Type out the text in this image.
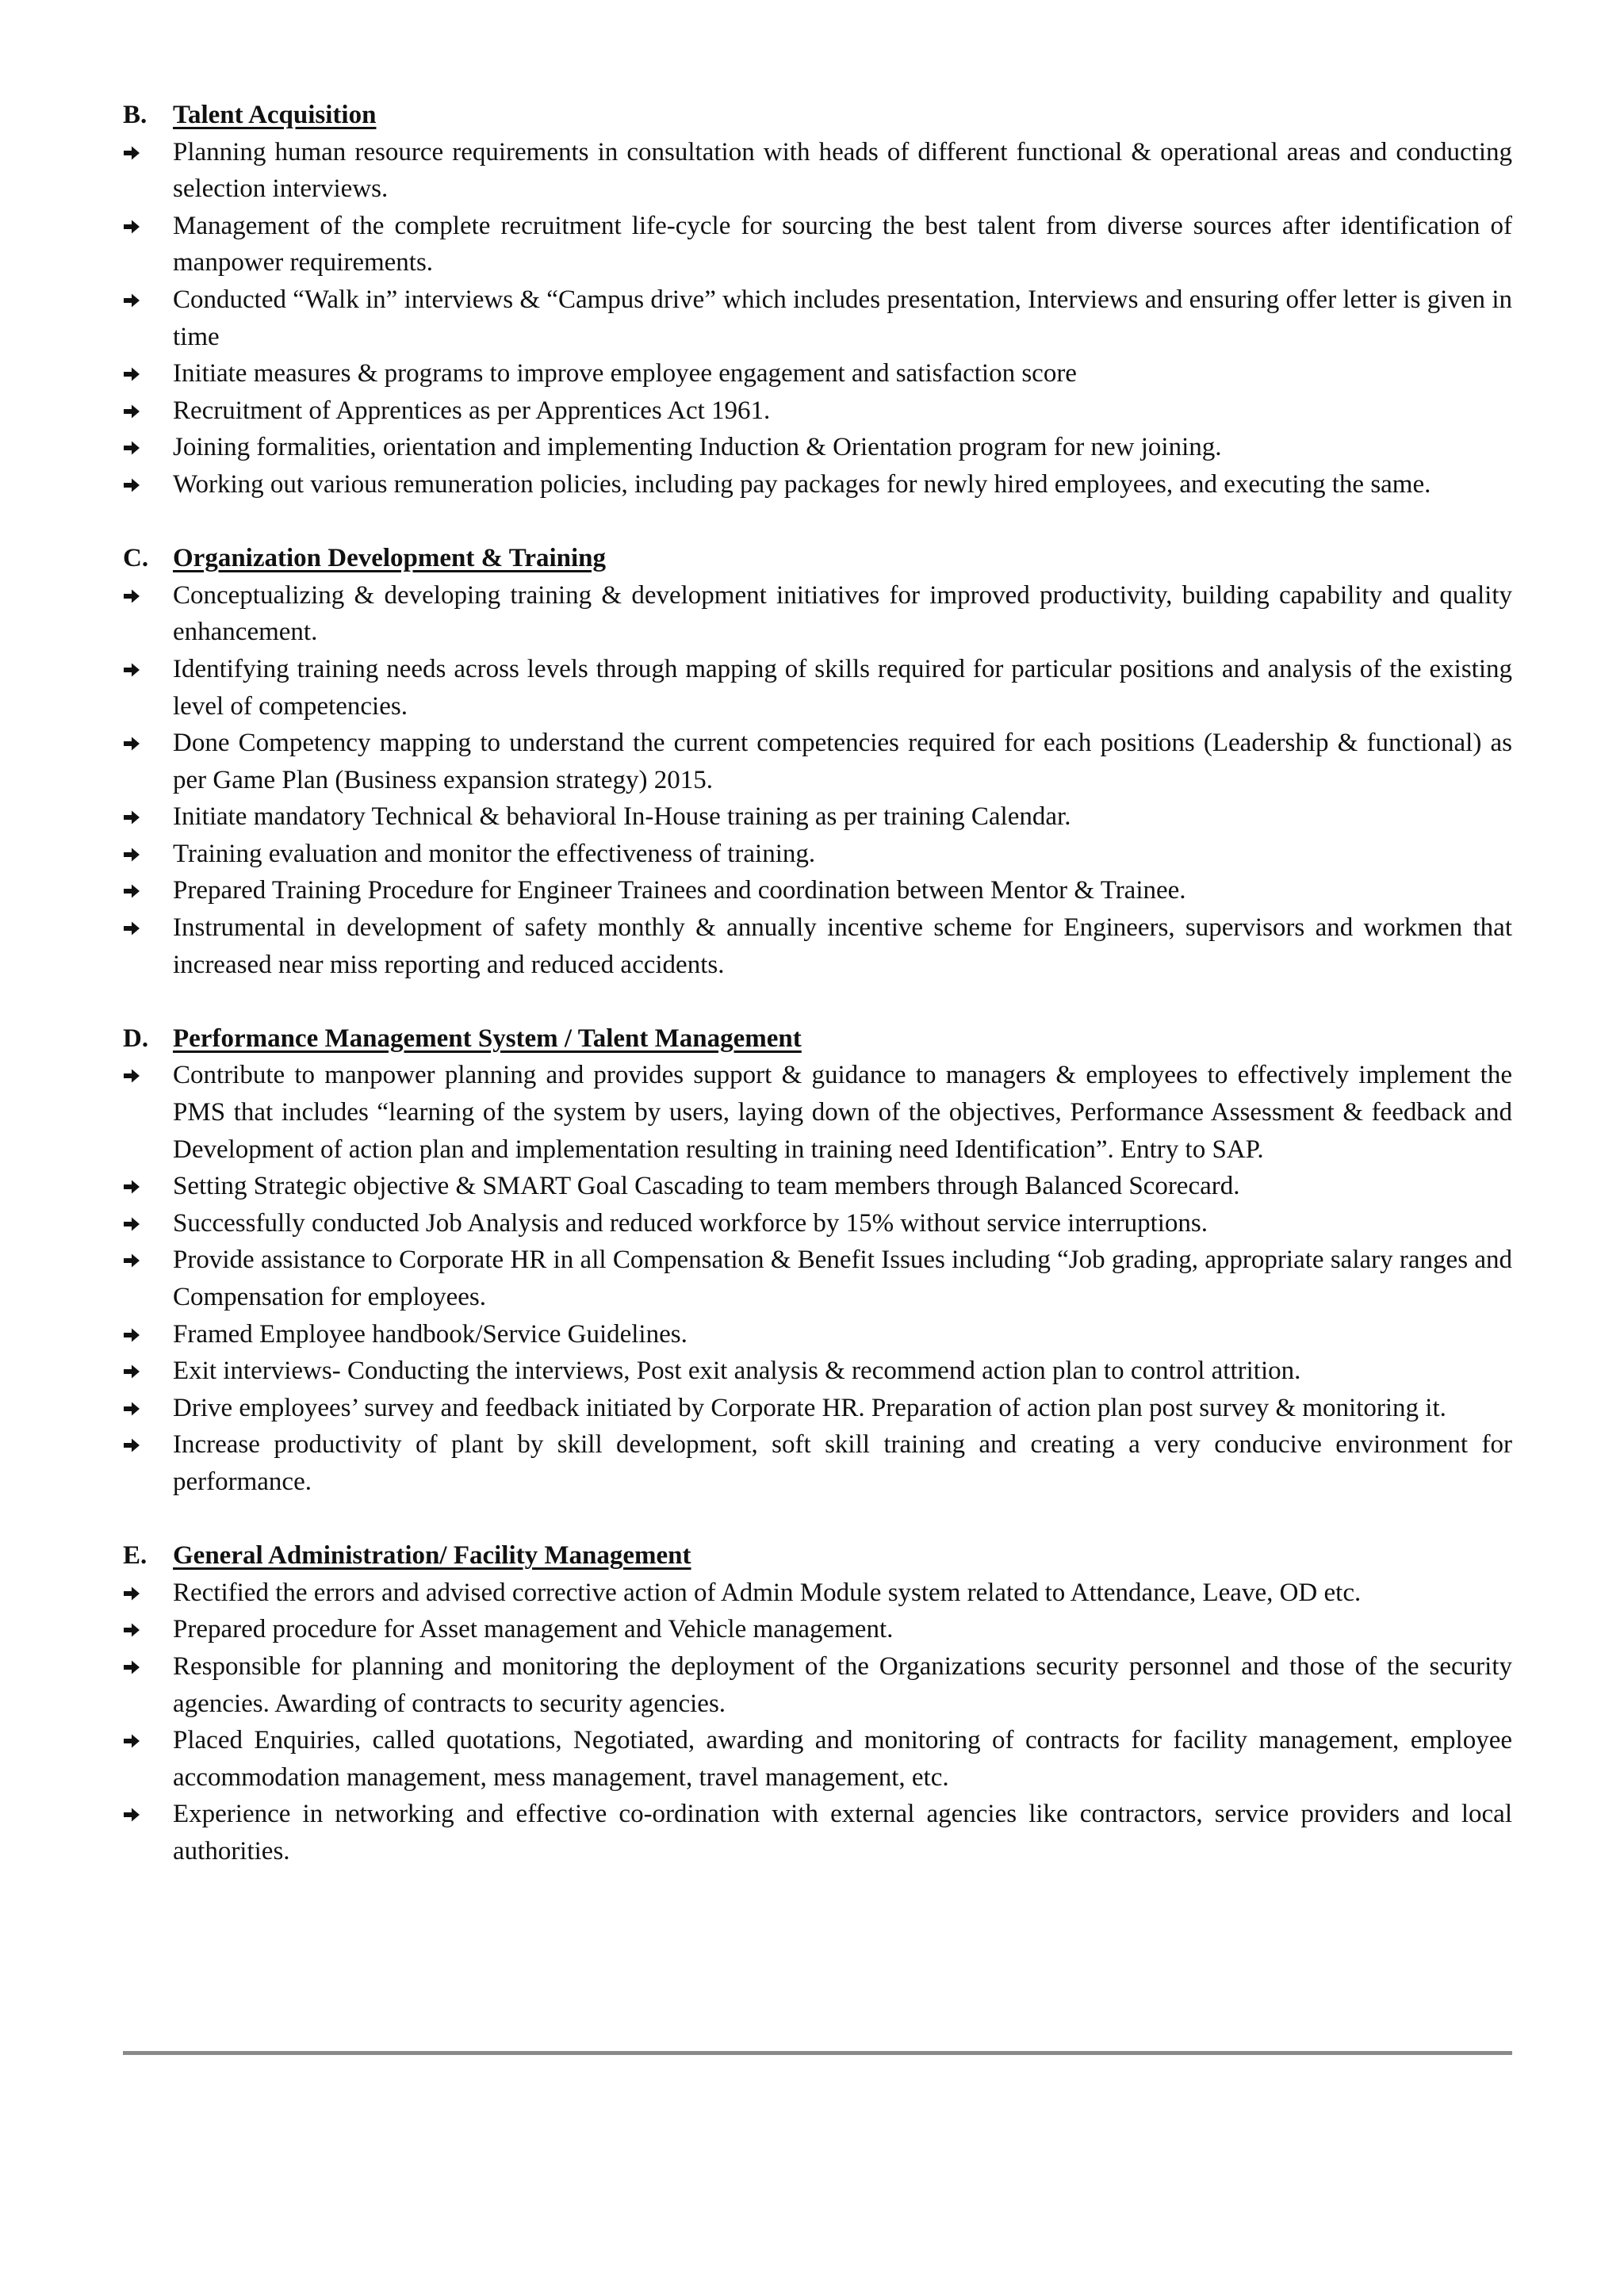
B. Talent Acquisition
Planning human resource requirements in consultation with heads of different functional & operational areas and conducting selection interviews.
Management of the complete recruitment life-cycle for sourcing the best talent from diverse sources after identification of manpower requirements.
Conducted “Walk in” interviews & “Campus drive” which includes presentation, Interviews and ensuring offer letter is given in time
Initiate measures & programs to improve employee engagement and satisfaction score
Recruitment of Apprentices as per Apprentices Act 1961.
Joining formalities, orientation and implementing Induction & Orientation program for new joining.
Working out various remuneration policies, including pay packages for newly hired employees, and executing the same.
C. Organization Development & Training
Conceptualizing & developing training & development initiatives for improved productivity, building capability and quality enhancement.
Identifying training needs across levels through mapping of skills required for particular positions and analysis of the existing level of competencies.
Done Competency mapping to understand the current competencies required for each positions (Leadership & functional) as per Game Plan (Business expansion strategy) 2015.
Initiate mandatory Technical & behavioral In-House training as per training Calendar.
Training evaluation and monitor the effectiveness of training.
Prepared Training Procedure for Engineer Trainees and coordination between Mentor & Trainee.
Instrumental in development of safety monthly & annually incentive scheme for Engineers, supervisors and workmen that increased near miss reporting and reduced accidents.
D. Performance Management System / Talent Management
Contribute to manpower planning and provides support & guidance to managers & employees to effectively implement the PMS that includes “learning of the system by users, laying down of the objectives, Performance Assessment & feedback and Development of action plan and implementation resulting in training need Identification”. Entry to SAP.
Setting Strategic objective & SMART Goal Cascading to team members through Balanced Scorecard.
Successfully conducted Job Analysis and reduced workforce by 15% without service interruptions.
Provide assistance to Corporate HR in all Compensation & Benefit Issues including “Job grading, appropriate salary ranges and Compensation for employees.
Framed Employee handbook/Service Guidelines.
Exit interviews- Conducting the interviews, Post exit analysis & recommend action plan to control attrition.
Drive employees’ survey and feedback initiated by Corporate HR. Preparation of action plan post survey & monitoring it.
Increase productivity of plant by skill development, soft skill training and creating a very conducive environment for performance.
E. General Administration/ Facility Management
Rectified the errors and advised corrective action of Admin Module system related to Attendance, Leave, OD etc.
Prepared procedure for Asset management and Vehicle management.
Responsible for planning and monitoring the deployment of the Organizations security personnel and those of the security agencies. Awarding of contracts to security agencies.
Placed Enquiries, called quotations, Negotiated, awarding and monitoring of contracts for facility management, employee accommodation management, mess management, travel management, etc.
Experience in networking and effective co-ordination with external agencies like contractors, service providers and local authorities.
